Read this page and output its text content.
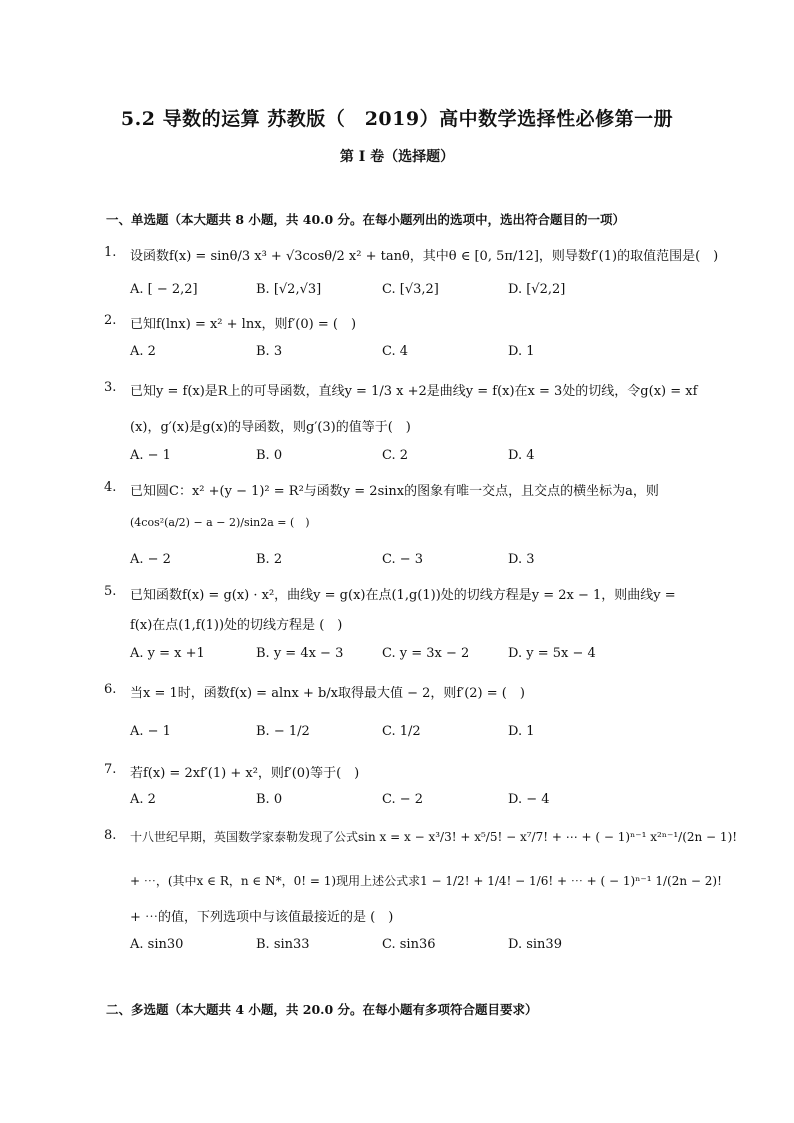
5.2 导数的运算 苏教版（　2019）高中数学选择性必修第一册
第 I 卷（选择题）
一、单选题（本大题共 8 小题，共 40.0 分。在每小题列出的选项中，选出符合题目的一项）
1.	设函数f(x) = sinθ/3 x³ + √3cosθ/2 x² + tanθ，其中θ ∈ [0, 5π/12]，则导数f′(1)的取值范围是(　)
A. [ − 2,2]	B. [√2,√3]	C. [√3,2]	D. [√2,2]
2.	已知f(lnx) = x² + lnx，则f′(0) = (　)
A. 2	B. 3	C. 4	D. 1
3.	已知y = f(x)是R上的可导函数，直线y = 1/3 x +2是曲线y = f(x)在x = 3处的切线，令g(x) = xf
(x)，g′(x)是g(x)的导函数，则g′(3)的值等于(　)
A. − 1	B. 0	C. 2	D. 4
4.	已知圆C：x² +(y − 1)² = R²与函数y = 2sinx的图象有唯一交点，且交点的横坐标为a，则
(4cos²(a/2) − a − 2)/sin2a = (　)
A. − 2	B. 2	C. − 3	D. 3
5.	已知函数f(x) = g(x) · x²，曲线y = g(x)在点(1,g(1))处的切线方程是y = 2x − 1，则曲线y =
f(x)在点(1,f(1))处的切线方程是 (　)
A. y = x +1	B. y = 4x − 3	C. y = 3x − 2	D. y = 5x − 4
6.	当x = 1时，函数f(x) = alnx + b/x取得最大值 − 2，则f′(2) = (　)
A. − 1	B. − 1/2	C. 1/2	D. 1
7.	若f(x) = 2xf′(1) + x²，则f′(0)等于(　)
A. 2	B. 0	C. − 2	D. − 4
8.	十八世纪早期，英国数学家泰勒发现了公式sin x = x − x³/3! + x⁵/5! − x⁷/7! + ⋯ + ( − 1)ⁿ⁻¹ x²ⁿ⁻¹/(2n − 1)!
+ ⋯，(其中x ∈ R，n ∈ N*，0! = 1)现用上述公式求1 − 1/2! + 1/4! − 1/6! + ⋯ + ( − 1)ⁿ⁻¹ 1/(2n − 2)!
+ ⋯的值，下列选项中与该值最接近的是 (　)
A. sin30	B. sin33	C. sin36	D. sin39
二、多选题（本大题共 4 小题，共 20.0 分。在每小题有多项符合题目要求）
